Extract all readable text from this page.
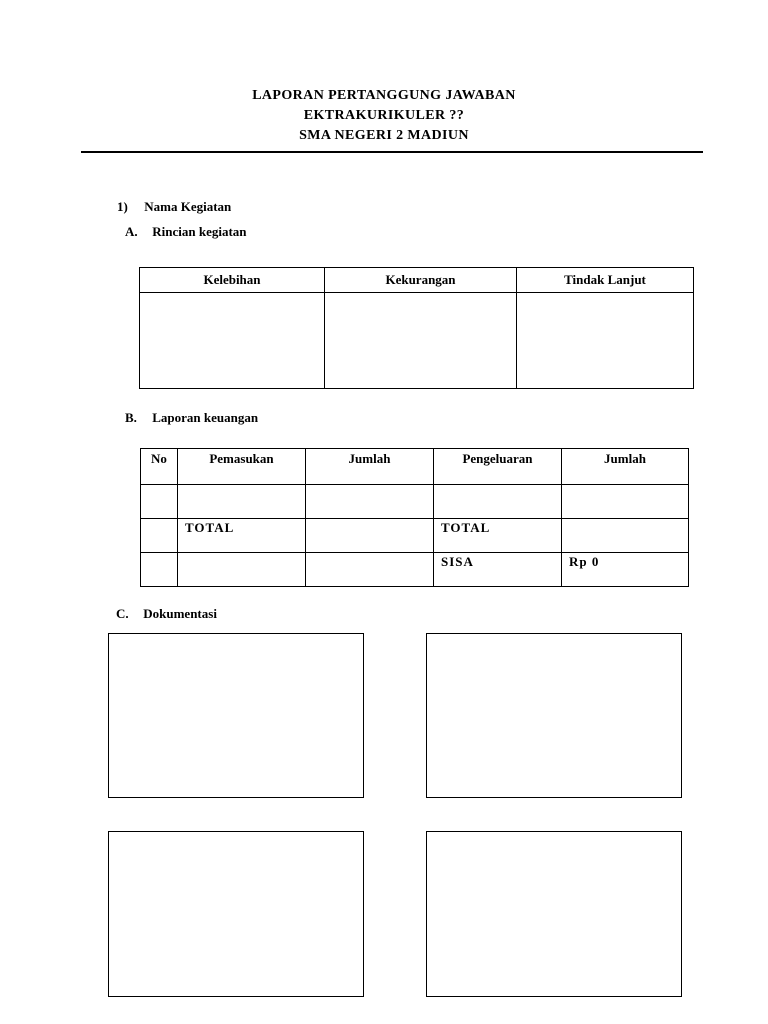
LAPORAN PERTANGGUNG JAWABAN
EKTRAKURIKULER ??
SMA NEGERI 2 MADIUN
1) Nama Kegiatan
A. Rincian kegiatan
Kelebihan	Kekurangan	Tindak Lanjut

B. Laporan keuangan
No	Pemasukan	Jumlah	Pengeluaran	Jumlah

	TOTAL		TOTAL	

			SISA	Rp 0
C. Dokumentasi
